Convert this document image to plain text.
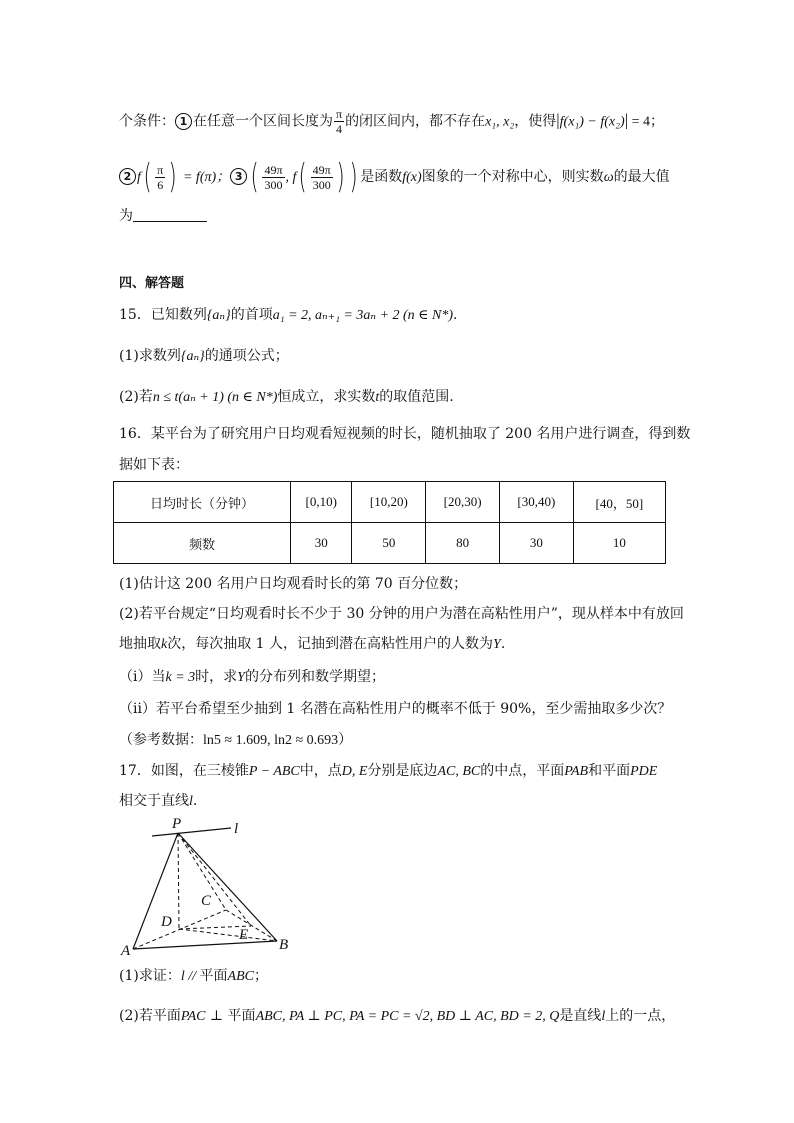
个条件： 1 在任意一个区间长度为 $\frac{\pi}{4}$ 的闭区间内，都不存在x₁, x₂，使得|f(x₁) − f(x₂)| = 4；
2 $f( \frac{\pi}{6}$ ) = f(π)； 3 ( $\frac{49\pi}{300}$ , $f( \frac{49\pi}{300}$ ) ) 是函数f(x)图象的一个对称中心，则实数ω的最大值
为
四、解答题
15．已知数列{aₙ}的首项a₁ = 2, aₙ₊₁ = 3aₙ + 2 (n ∈ N*).
(1)求数列{aₙ}的通项公式；
(2)若n ≤ t(aₙ + 1) (n ∈ N*)恒成立，求实数t的取值范围.
16．某平台为了研究用户日均观看短视频的时长，随机抽取了 200 名用户进行调查，得到数
据如下表：
日均时长（分钟）	[0,10)	[10,20)	[20,30)	[30,40)	[40，50]
频数	30	50	80	30	10
(1)估计这 200 名用户日均观看时长的第 70 百分位数；
(2)若平台规定“日均观看时长不少于 30 分钟的用户为潜在高粘性用户”，现从样本中有放回
地抽取k次，每次抽取 1 人，记抽到潜在高粘性用户的人数为Y.
（i）当k = 3时，求Y的分布列和数学期望；
（ii）若平台希望至少抽到 1 名潜在高粘性用户的概率不低于 90%，至少需抽取多少次？
（参考数据：ln5 ≈ 1.609, ln2 ≈ 0.693）
17．如图，在三棱锥P − ABC中，点D, E分别是底边AC, BC的中点，平面PAB和平面PDE
相交于直线l.
P	l
C
D
E
A	B
(1)求证：l // 平面ABC；
(2)若平面PAC ⊥ 平面ABC, PA ⊥ PC, PA = PC = √2, BD ⊥ AC, BD = 2, Q是直线l上的一点，
